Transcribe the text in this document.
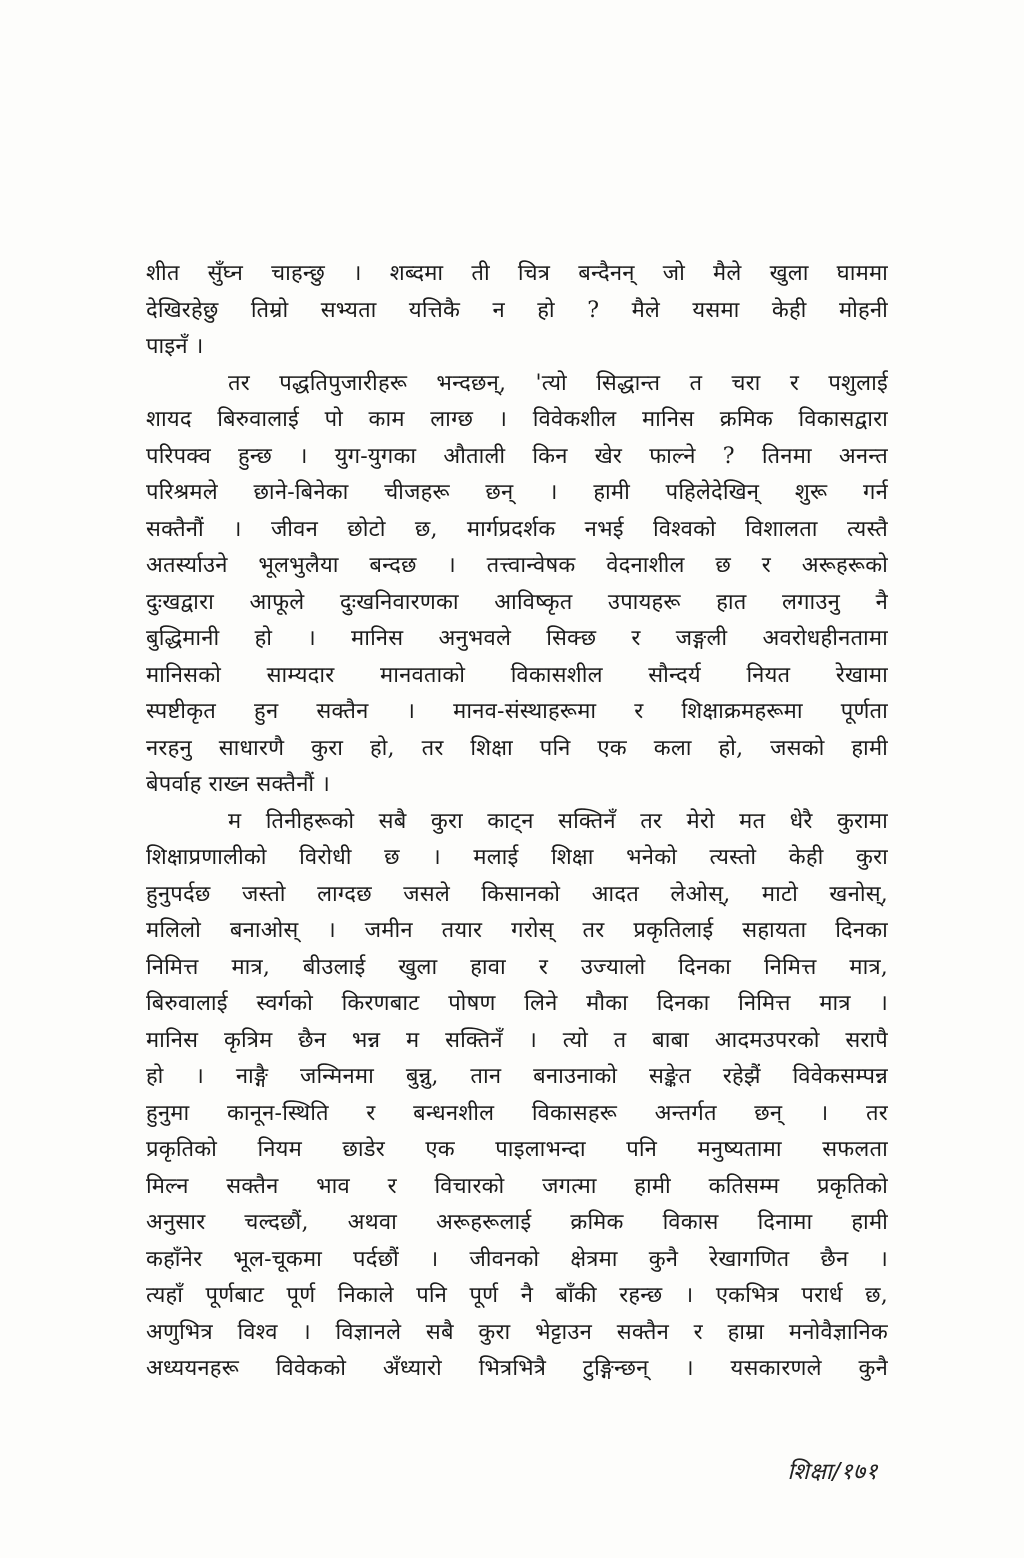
शीत सुँघ्न चाहन्छु । शब्दमा ती चित्र बन्दैनन् जो मैले खुला घाममा
देखिरहेछु तिम्रो सभ्यता यत्तिकै न हो ? मैले यसमा केही मोहनी
पाइनँ ।
तर पद्धतिपुजारीहरू भन्दछन्, 'त्यो सिद्धान्त त चरा र पशुलाई
शायद बिरुवालाई पो काम लाग्छ । विवेकशील मानिस क्रमिक विकासद्वारा
परिपक्व हुन्छ । युग-युगका औताली किन खेर फाल्ने ? तिनमा अनन्त
परिश्रमले छाने-बिनेका चीजहरू छन् । हामी पहिलेदेखिन् शुरू गर्न
सक्तैनौं । जीवन छोटो छ, मार्गप्रदर्शक नभई विश्वको विशालता त्यस्तै
अतर्स्याउने भूलभुलैया बन्दछ । तत्त्वान्वेषक वेदनाशील छ र अरूहरूको
दुःखद्वारा आफूले दुःखनिवारणका आविष्कृत उपायहरू हात लगाउनु नै
बुद्धिमानी हो । मानिस अनुभवले सिक्छ र जङ्गली अवरोधहीनतामा
मानिसको साम्यदार मानवताको विकासशील सौन्दर्य नियत रेखामा
स्पष्टीकृत हुन सक्तैन । मानव-संस्थाहरूमा र शिक्षाक्रमहरूमा पूर्णता
नरहनु साधारणै कुरा हो, तर शिक्षा पनि एक कला हो, जसको हामी
बेपर्वाह राख्न सक्तैनौं ।
म तिनीहरूको सबै कुरा काट्न सक्तिनँ तर मेरो मत धेरै कुरामा
शिक्षाप्रणालीको विरोधी छ । मलाई शिक्षा भनेको त्यस्तो केही कुरा
हुनुपर्दछ जस्तो लाग्दछ जसले किसानको आदत लेओस्, माटो खनोस्,
मलिलो बनाओस् । जमीन तयार गरोस् तर प्रकृतिलाई सहायता दिनका
निमित्त मात्र, बीउलाई खुला हावा र उज्यालो दिनका निमित्त मात्र,
बिरुवालाई स्वर्गको किरणबाट पोषण लिने मौका दिनका निमित्त मात्र ।
मानिस कृत्रिम छैन भन्न म सक्तिनँ । त्यो त बाबा आदमउपरको सरापै
हो । नाङ्गै जन्मिनमा बुन्नु, तान बनाउनाको सङ्केत रहेझैं विवेकसम्पन्न
हुनुमा कानून-स्थिति र बन्धनशील विकासहरू अन्तर्गत छन् । तर
प्रकृतिको नियम छाडेर एक पाइलाभन्दा पनि मनुष्यतामा सफलता
मिल्न सक्तैन भाव र विचारको जगत्मा हामी कतिसम्म प्रकृतिको
अनुसार चल्दछौं, अथवा अरूहरूलाई क्रमिक विकास दिनामा हामी
कहाँनेर भूल-चूकमा पर्दछौं । जीवनको क्षेत्रमा कुनै रेखागणित छैन ।
त्यहाँ पूर्णबाट पूर्ण निकाले पनि पूर्ण नै बाँकी रहन्छ । एकभित्र परार्ध छ,
अणुभित्र विश्व । विज्ञानले सबै कुरा भेट्टाउन सक्तैन र हाम्रा मनोवैज्ञानिक
अध्ययनहरू विवेकको अँध्यारो भित्रभित्रै टुङ्गिन्छन् । यसकारणले कुनै
शिक्षा/१७१
